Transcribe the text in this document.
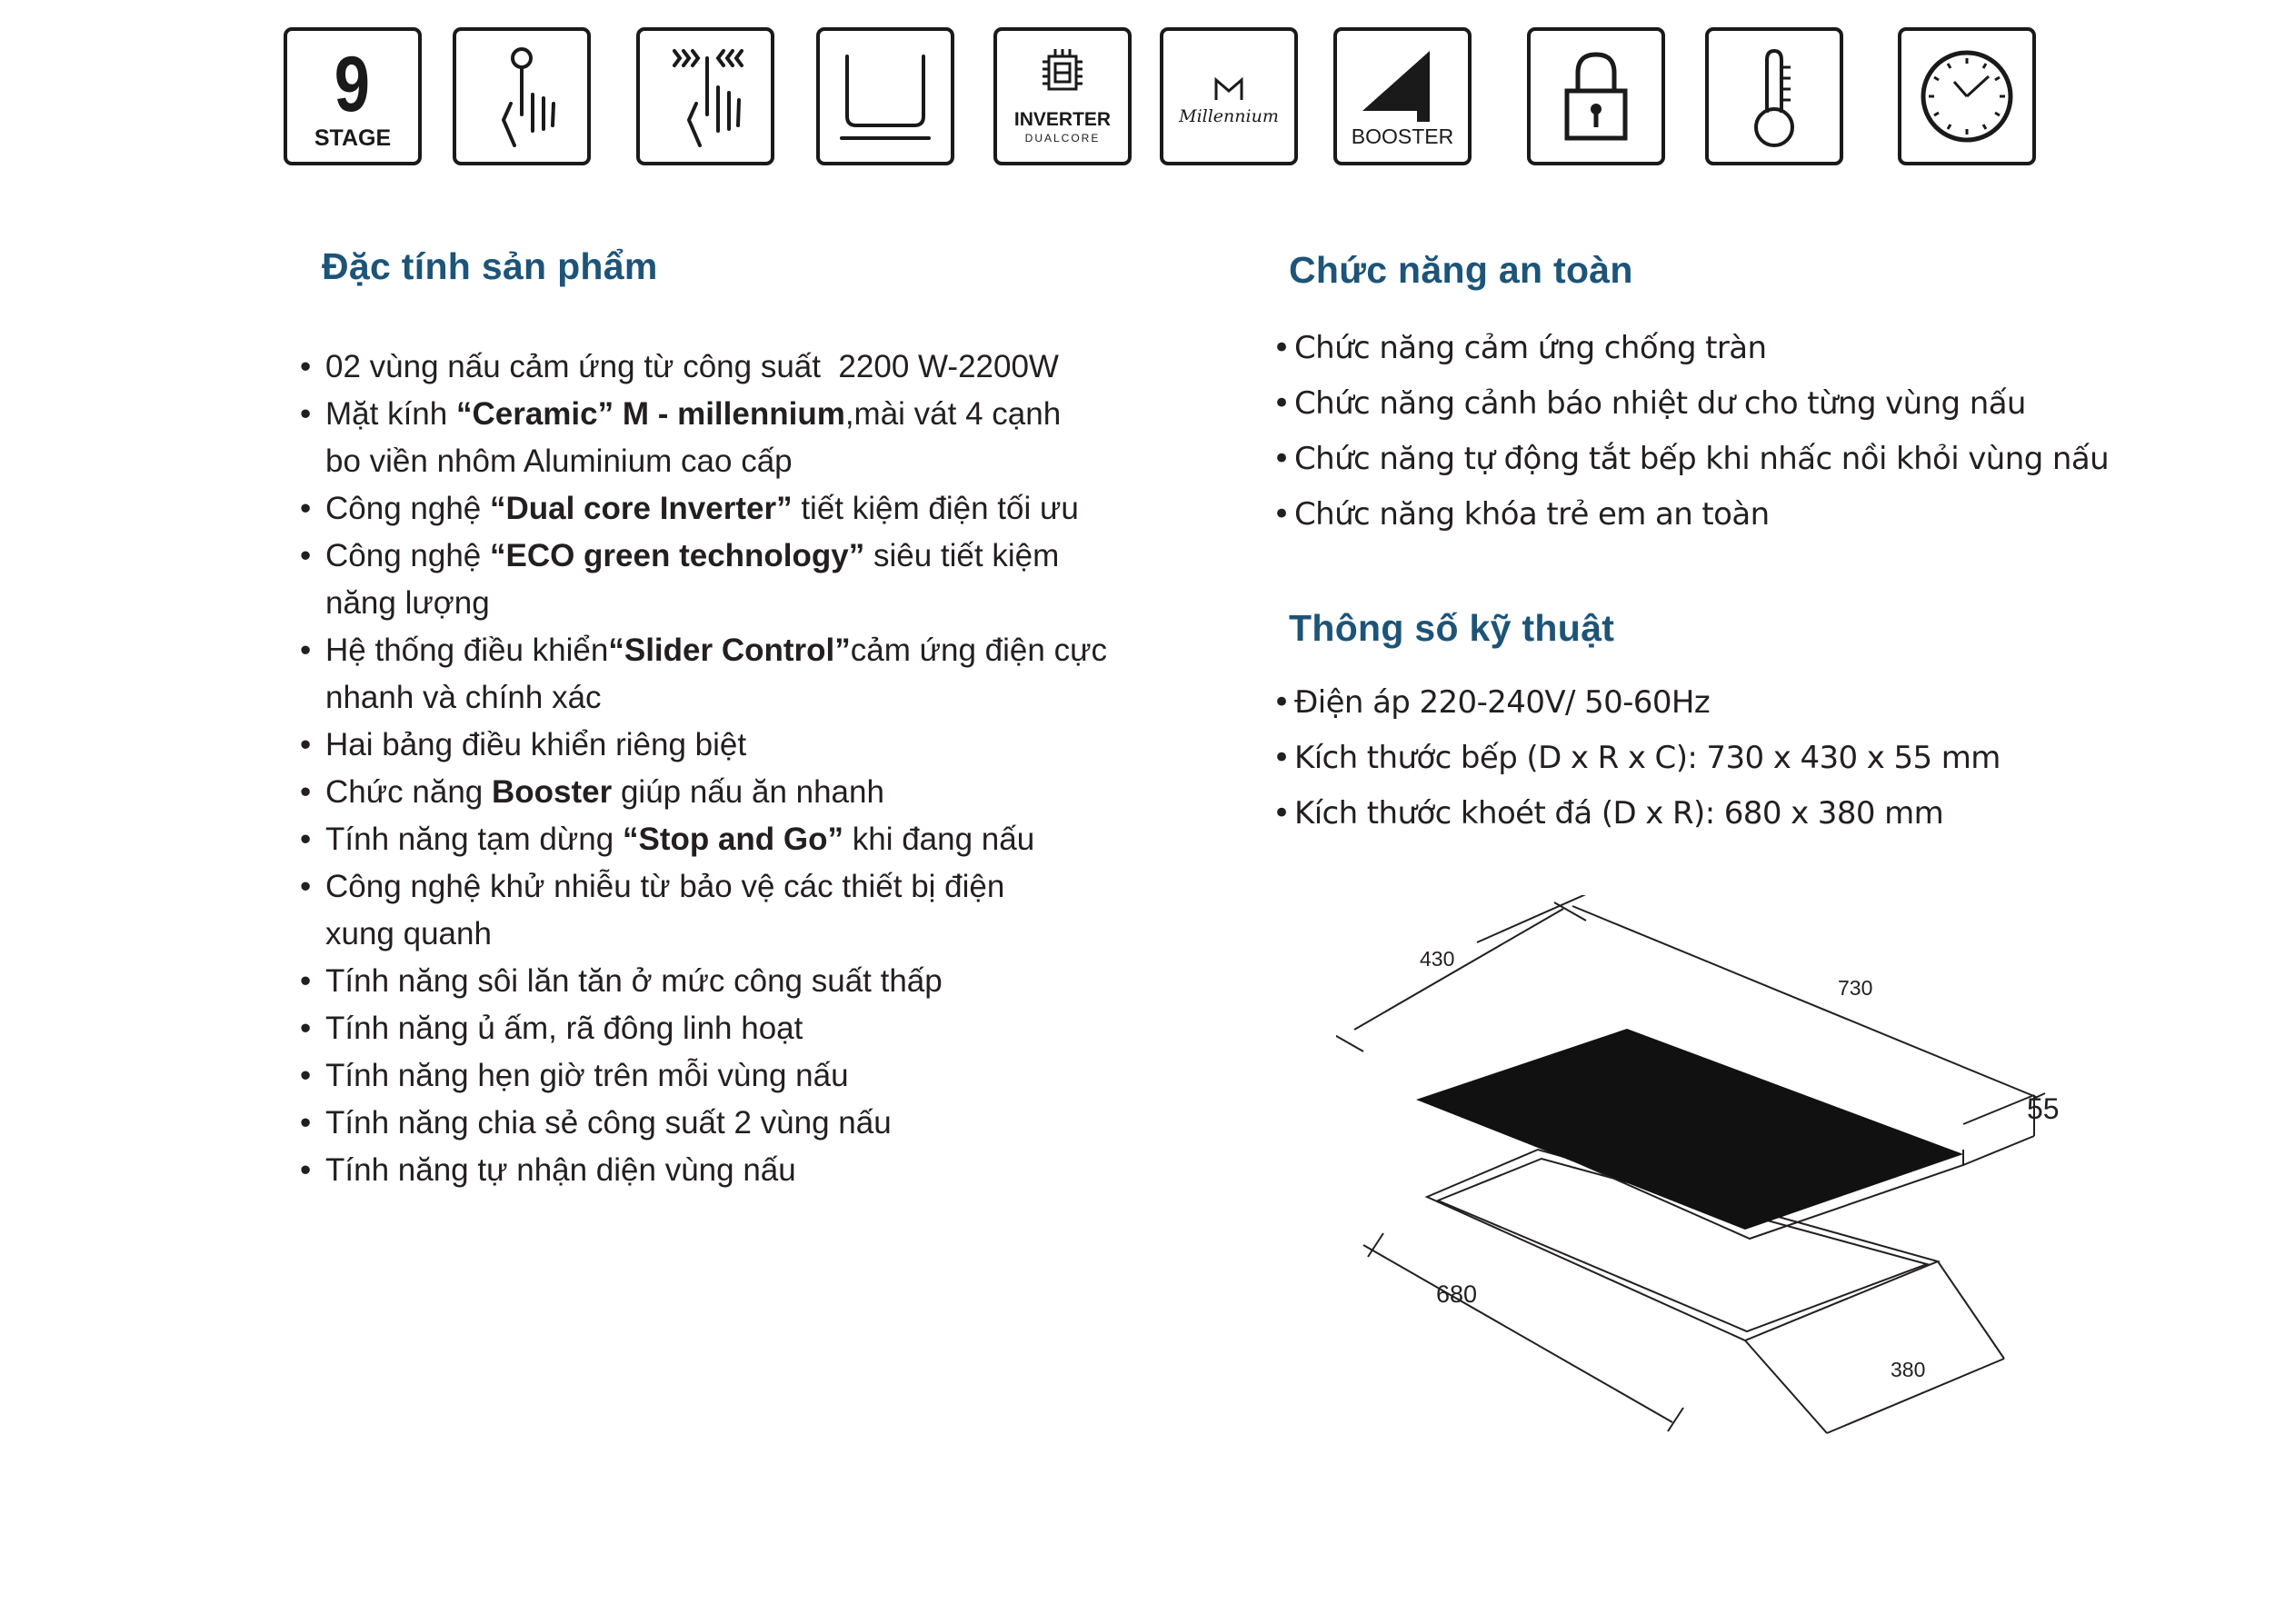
9
STAGE
INVERTER
DUALCORE
Millennium
BOOSTER
Đặc tính sản phẩm
• 02 vùng nấu cảm ứng từ công suất  2200 W-2200W
• Mặt kính “Ceramic” M - millennium,mài vát 4 cạnh
bo viền nhôm Aluminium cao cấp
• Công nghệ “Dual core Inverter” tiết kiệm điện tối ưu
• Công nghệ “ECO green technology” siêu tiết kiệm
năng lượng
• Hệ thống điều khiển“Slider Control”cảm ứng điện cực
nhanh và chính xác
• Hai bảng điều khiển riêng biệt
• Chức năng Booster giúp nấu ăn nhanh
• Tính năng tạm dừng “Stop and Go” khi đang nấu
• Công nghệ khử nhiễu từ bảo vệ các thiết bị điện
xung quanh
• Tính năng sôi lăn tăn ở mức công suất thấp
• Tính năng ủ ấm, rã đông linh hoạt
• Tính năng hẹn giờ trên mỗi vùng nấu
• Tính năng chia sẻ công suất 2 vùng nấu
• Tính năng tự nhận diện vùng nấu
Chức năng an toàn
• Chức năng cảm ứng chống tràn
• Chức năng cảnh báo nhiệt dư cho từng vùng nấu
• Chức năng tự động tắt bếp khi nhấc nồi khỏi vùng nấu
• Chức năng khóa trẻ em an toàn
Thông số kỹ thuật
• Điện áp 220-240V/ 50-60Hz
• Kích thước bếp (D x R x C): 730 x 430 x 55 mm
• Kích thước khoét đá (D x R): 680 x 380 mm
430
730
55
680
380
